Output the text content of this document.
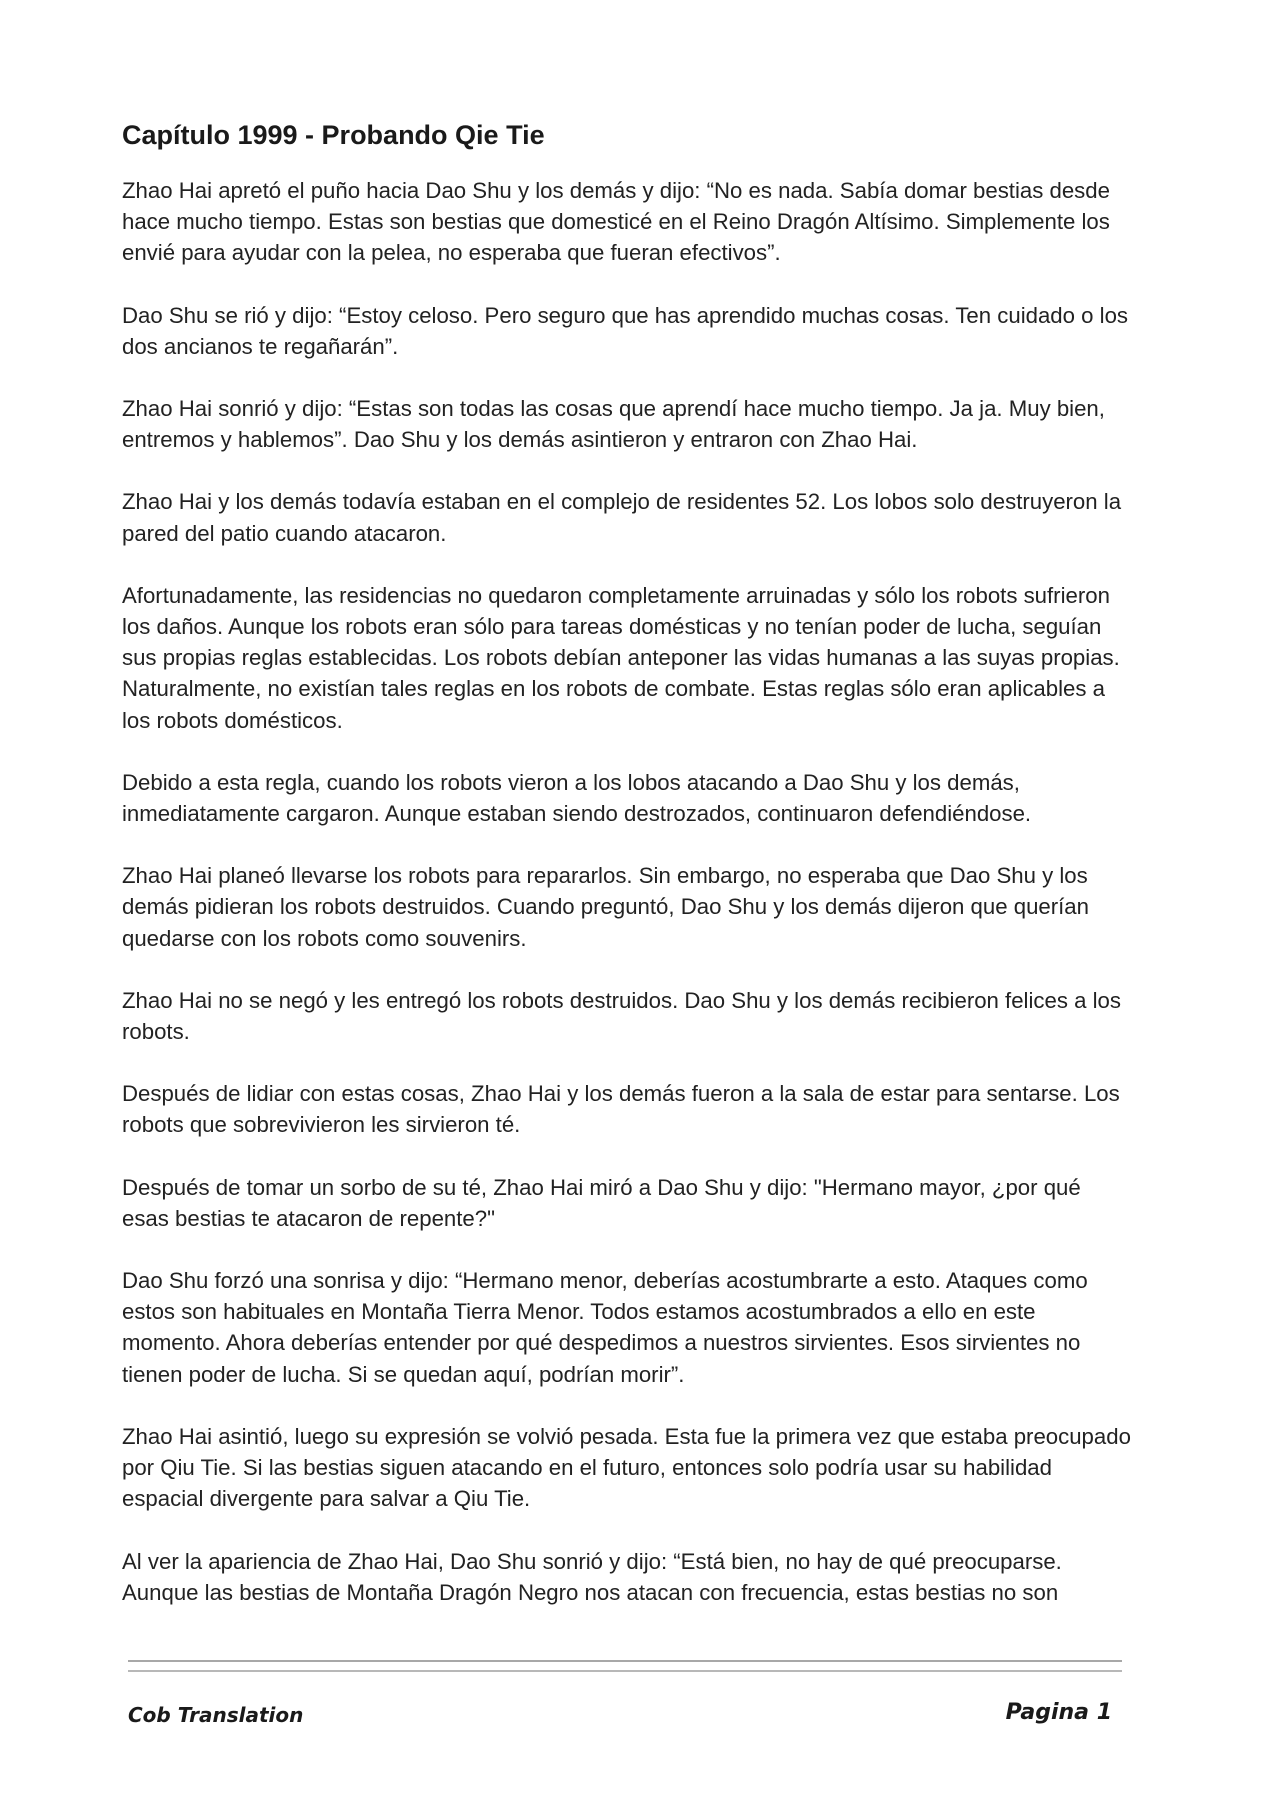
Capítulo 1999 - Probando Qie Tie

Zhao Hai apretó el puño hacia Dao Shu y los demás y dijo: “No es nada. Sabía domar bestias desde hace mucho tiempo. Estas son bestias que domesticé en el Reino Dragón Altísimo. Simplemente los envié para ayudar con la pelea, no esperaba que fueran efectivos”.

Dao Shu se rió y dijo: “Estoy celoso. Pero seguro que has aprendido muchas cosas. Ten cuidado o los dos ancianos te regañarán”.

Zhao Hai sonrió y dijo: “Estas son todas las cosas que aprendí hace mucho tiempo. Ja ja. Muy bien, entremos y hablemos”. Dao Shu y los demás asintieron y entraron con Zhao Hai.

Zhao Hai y los demás todavía estaban en el complejo de residentes 52. Los lobos solo destruyeron la pared del patio cuando atacaron.

Afortunadamente, las residencias no quedaron completamente arruinadas y sólo los robots sufrieron los daños. Aunque los robots eran sólo para tareas domésticas y no tenían poder de lucha, seguían sus propias reglas establecidas. Los robots debían anteponer las vidas humanas a las suyas propias. Naturalmente, no existían tales reglas en los robots de combate. Estas reglas sólo eran aplicables a los robots domésticos.

Debido a esta regla, cuando los robots vieron a los lobos atacando a Dao Shu y los demás, inmediatamente cargaron. Aunque estaban siendo destrozados, continuaron defendiéndose.

Zhao Hai planeó llevarse los robots para repararlos. Sin embargo, no esperaba que Dao Shu y los demás pidieran los robots destruidos. Cuando preguntó, Dao Shu y los demás dijeron que querían quedarse con los robots como souvenirs.

Zhao Hai no se negó y les entregó los robots destruidos. Dao Shu y los demás recibieron felices a los robots.

Después de lidiar con estas cosas, Zhao Hai y los demás fueron a la sala de estar para sentarse. Los robots que sobrevivieron les sirvieron té.

Después de tomar un sorbo de su té, Zhao Hai miró a Dao Shu y dijo: "Hermano mayor, ¿por qué esas bestias te atacaron de repente?"

Dao Shu forzó una sonrisa y dijo: “Hermano menor, deberías acostumbrarte a esto. Ataques como estos son habituales en Montaña Tierra Menor. Todos estamos acostumbrados a ello en este momento. Ahora deberías entender por qué despedimos a nuestros sirvientes. Esos sirvientes no tienen poder de lucha. Si se quedan aquí, podrían morir”.

Zhao Hai asintió, luego su expresión se volvió pesada. Esta fue la primera vez que estaba preocupado por Qiu Tie. Si las bestias siguen atacando en el futuro, entonces solo podría usar su habilidad espacial divergente para salvar a Qiu Tie.

Al ver la apariencia de Zhao Hai, Dao Shu sonrió y dijo: “Está bien, no hay de qué preocuparse. Aunque las bestias de Montaña Dragón Negro nos atacan con frecuencia, estas bestias no son

Cob Translation	Pagina 1
